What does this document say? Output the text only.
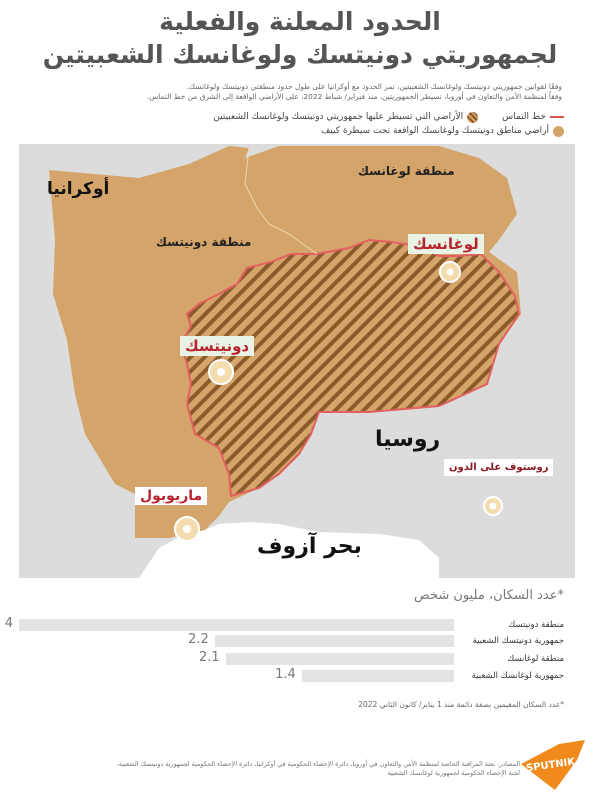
الحدود المعلنة والفعلية
لجمهوريتي دونيتسك ولوغانسك الشعبيتين
وفقًا لقوانين جمهوريتي دونيتسك ولوغانسك الشعبيتين، تمر الحدود مع أوكرانيا على طول حدود منطقتي دونيتسك ولوغانسك.
وفقاً لمنظمة الأمن والتعاون في أوروبا، تسيطر الجمهوريتين، منذ فبراير/ شباط 2022، على الأراضي الواقعة إلى الشرق من خط التماس.
خط التماس
الأراضي التي تسيطر عليها جمهوريتي دونيتسك ولوغانسك الشعبيتين
أراضي مناطق دونيتسك ولوغانسك الواقعة تحت سيطرة كييف
أوكرانيا
منطقة لوغانسك
منطقة دونيتسك	لوغانسك
دونيتسك
روسيا
روستوف على الدون
ماريوبول
بحر آزوف
*عدد السكان، مليون شخص
منطقة دونيتسك
4
جمهورية دونيتسك الشعبية
2.2
منطقة لوغانسك
2.1
جمهورية لوغانسك الشعبية
1.4
*عدد السكان المقيمين بصفة دائمة منذ 1 يناير/ كانون الثاني 2022
المصادر: بعثة المراقبة الخاصة لمنظمة الأمن والتعاون في أوروبا، دائرة الإحصاء الحكومية في أوكرانيا، دائرة الإحصاء الحكومية لجمهورية دونيتسك الشعبية،
لجنة الإحصاء الحكومية لجمهورية لوغانسك الشعبية SPUTNIK
